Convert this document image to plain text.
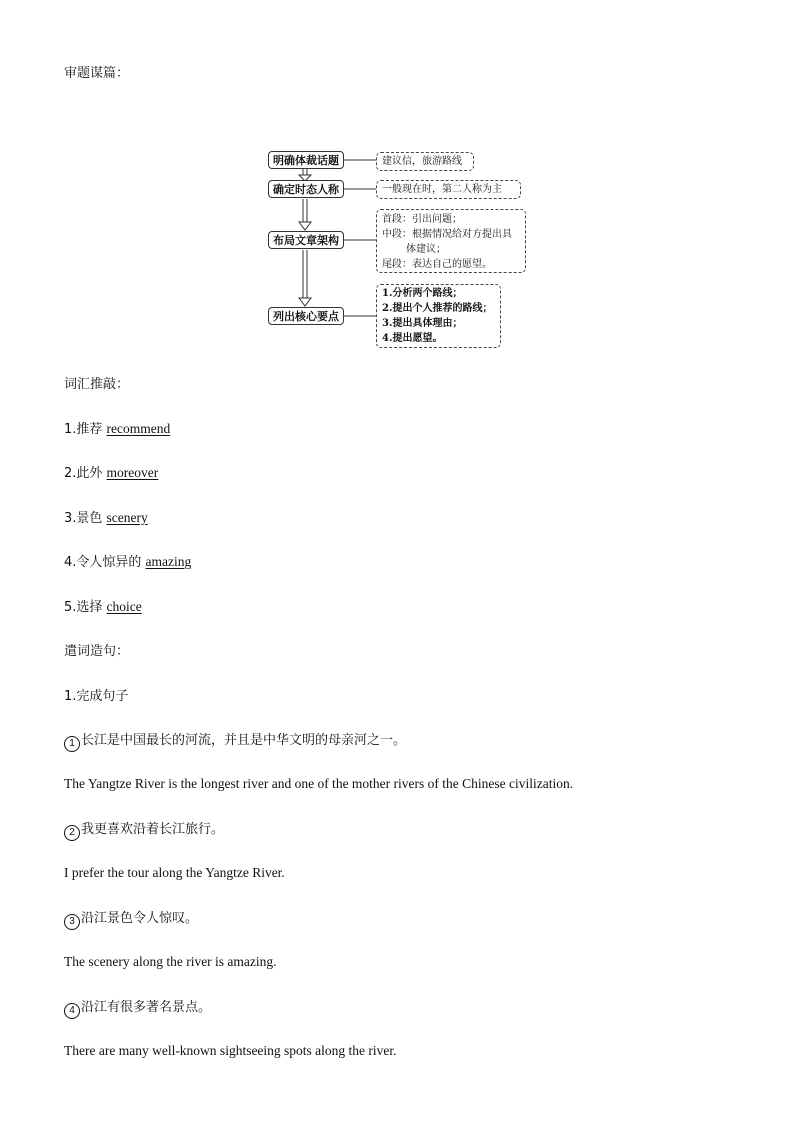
审题谋篇：
明确体裁话题
确定时态人称
布局文章架构
列出核心要点
建议信，旅游路线
一般现在时，第二人称为主
首段：引出问题；
中段：根据情况给对方提出具
体建议；
尾段：表达自己的愿望。
1.分析两个路线；
2.提出个人推荐的路线；
3.提出具体理由；
4.提出愿望。
词汇推敲：
1.推荐 recommend
2.此外 moreover
3.景色 scenery
4.令人惊异的 amazing
5.选择 choice
遣词造句：
1.完成句子
1 长江是中国最长的河流，并且是中华文明的母亲河之一。
The Yangtze River is the longest river and one of the mother rivers of the Chinese civilization.
2 我更喜欢沿着长江旅行。
I prefer the tour along the Yangtze River.
3 沿江景色令人惊叹。
The scenery along the river is amazing.
4 沿江有很多著名景点。
There are many well-known sightseeing spots along the river.
